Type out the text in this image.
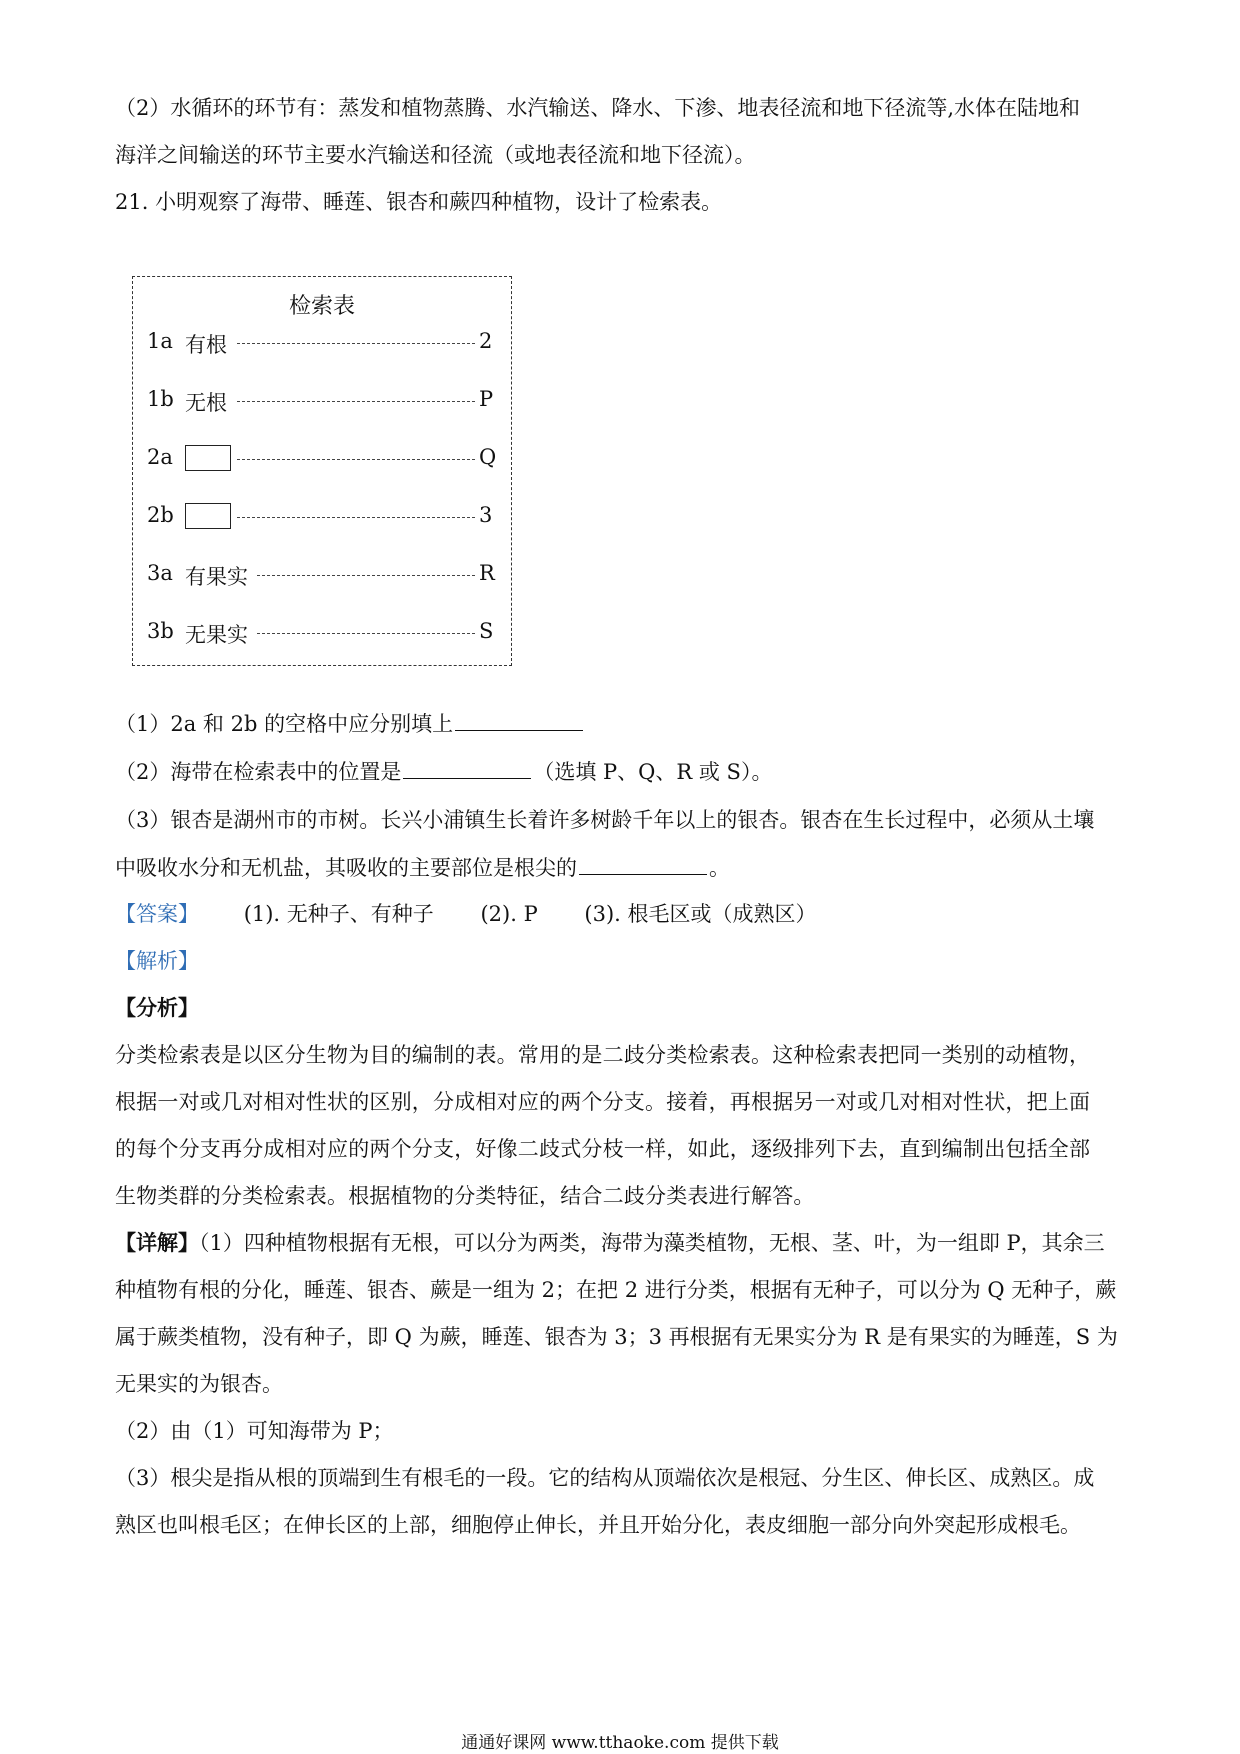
（2）水循环的环节有：蒸发和植物蒸腾、水汽输送、降水、下渗、地表径流和地下径流等,水体在陆地和
海洋之间输送的环节主要水汽输送和径流（或地表径流和地下径流）。
21. 小明观察了海带、睡莲、银杏和蕨四种植物，设计了检索表。
检索表
1a 有根	2
1b 无根	P
2a	Q
2b	3
3a 有果实	R
3b 无果实	S
（1）2a 和 2b 的空格中应分别填上
（2）海带在检索表中的位置是	（选填 P、Q、R 或 S）。
（3）银杏是湖州市的市树。长兴小浦镇生长着许多树龄千年以上的银杏。银杏在生长过程中，必须从土壤
中吸收水分和无机盐，其吸收的主要部位是根尖的	。
【答案】 (1). 无种子、有种子 (2). P (3). 根毛区或（成熟区）
【解析】
【分析】
分类检索表是以区分生物为目的编制的表。常用的是二歧分类检索表。这种检索表把同一类别的动植物，
根据一对或几对相对性状的区别，分成相对应的两个分支。接着，再根据另一对或几对相对性状，把上面
的每个分支再分成相对应的两个分支，好像二歧式分枝一样，如此，逐级排列下去，直到编制出包括全部
生物类群的分类检索表。根据植物的分类特征，结合二歧分类表进行解答。
【详解】（1）四种植物根据有无根，可以分为两类，海带为藻类植物，无根、茎、叶，为一组即 P，其余三
种植物有根的分化，睡莲、银杏、蕨是一组为 2；在把 2 进行分类，根据有无种子，可以分为 Q 无种子，蕨
属于蕨类植物，没有种子，即 Q 为蕨，睡莲、银杏为 3；3 再根据有无果实分为 R 是有果实的为睡莲，S 为
无果实的为银杏。
（2）由（1）可知海带为 P；
（3）根尖是指从根的顶端到生有根毛的一段。它的结构从顶端依次是根冠、分生区、伸长区、成熟区。成
熟区也叫根毛区；在伸长区的上部，细胞停止伸长，并且开始分化，表皮细胞一部分向外突起形成根毛。
通通好课网 www.tthaoke.com 提供下载
